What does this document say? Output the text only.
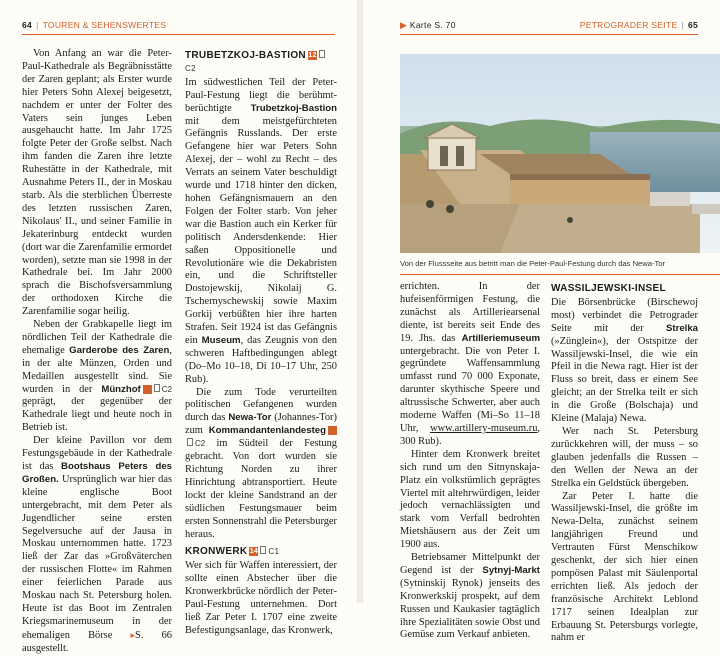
64 | TOUREN & SEHENSWERTES

Von Anfang an war die Peter-Paul-Kathedrale als Begräbnisstätte der Zaren geplant; als Erster wurde hier Peters Sohn Alexej beigesetzt, nachdem er unter der Folter des Vaters sein junges Leben ausgehaucht hatte. Im Jahr 1725 folgte Peter der Große selbst. Nach ihm fanden die Zaren ihre letzte Ruhestätte in der Kathedrale, mit Ausnahme Peters II., der in Moskau starb. Als die sterblichen Überreste des letzten russischen Zaren, Nikolaus' II., und seiner Familie in Jekaterinburg entdeckt wurden (dort war die Zarenfamilie ermordet worden), setzte man sie 1998 in der Kathedrale bei. Im Jahr 2000 sprach die Bischofsversammlung der orthodoxen Kirche die Zarenfamilie sogar heilig.

Neben der Grabkapelle liegt im nördlichen Teil der Kathedrale die ehemalige Garderobe des Zaren, in der alte Münzen, Orden und Medaillen ausgestellt sind. Sie wurden in der Münzhof 11C2 geprägt, der gegenüber der Kathedrale liegt und heute noch in Betrieb ist.

Der kleine Pavillon vor dem Festungsgebäude in der Kathedrale ist das Bootshaus Peters des Großen. Ursprünglich war hier das kleine englische Boot untergebracht, mit dem Peter als Jugendlicher seine ersten Segelversuche auf der Jausa in Moskau unternommen hatte. 1723 ließ der Zar das »Großväterchen der russischen Flotte« im Rahmen einer feierlichen Parade aus Moskau nach St. Petersburg holen. Heute ist das Boot im Zentralen Kriegsmarinemuseum in der ehemaligen Börse ▸S. 66 ausgestellt.

TRUBETZKOJ-BASTION 12C2

Im südwestlichen Teil der Peter-Paul-Festung liegt die berühmt-berüchtigte Trubetzkoj-Bastion mit dem meistgefürchteten Gefängnis Russlands. Der erste Gefangene hier war Peters Sohn Alexej, der – wohl zu Recht – des Verrats an seinem Vater beschuldigt wurde und 1718 hinter den dicken, hohen Gefängnismauern an den Folgen der Folter starb. Von jeher war die Bastion auch ein Kerker für politisch Andersdenkende: Hier saßen Oppositionelle und Revolutionäre wie die Dekabristen ein, und die Schriftsteller Dostojewskij, Nikolaij G. Tschernyschewskij sowie Maxim Gorkij verbüßten hier ihre harten Strafen. Seit 1924 ist das Gefängnis ein Museum, das Zeugnis von den schweren Haftbedingungen ablegt (Do–Mo 10–18, Di 10–17 Uhr, 250 Rub).

Die zum Tode verurteilten politischen Gefangenen wurden durch das Newa-Tor (Johannes-Tor) zum Kommandantenlandesteg 13C2 im Südteil der Festung gebracht. Von dort wurden sie Richtung Norden zu ihrer Hinrichtung abtransportiert. Heute lockt der kleine Sandstrand an der südlichen Festungsmauer beim ersten Sonnenstrahl die Petersburger heraus.

KRONWERK 14 C1

Wer sich für Waffen interessiert, der sollte einen Abstecher über die Kronwerkbrücke nördlich der Peter-Paul-Festung unternehmen. Dort ließ Zar Peter I. 1707 eine zweite Befestigungsanlage, das Kronwerk,

▶ Karte S. 70	PETROGRADER SEITE | 65
Von der Flussseite aus betritt man die Peter-Paul-Festung durch das Newa-Tor

errichten. In der hufeisenförmigen Festung, die zunächst als Artilleriearsenal diente, ist bereits seit Ende des 19. Jhs. das Artilleriemuseum untergebracht. Die von Peter I. gegründete Waffensammlung umfasst rund 70 000 Exponate, darunter skythische Speere und altrussische Schwerter, aber auch moderne Waffen (Mi–So 11–18 Uhr, www.artillery-museum.ru, 300 Rub).

Hinter dem Kronwerk breitet sich rund um den Sitnynskaja-Platz ein volkstümlich geprägtes Viertel mit altehrwürdigen, leider jedoch vernachlässigten und stark vom Verfall bedrohten Mietshäusern aus der Zeit um 1900 aus.

Betriebsamer Mittelpunkt der Gegend ist der Sytnyj-Markt (Sytninskij Rynok) jenseits des Kronwerkskij prospekt, auf dem Russen und Kaukasier tagtäglich ihre Spezialitäten sowie Obst und Gemüse zum Verkauf anbieten.

WASSILJEWSKI-INSEL

Die Börsenbrücke (Birschewoj most) verbindet die Petrograder Seite mit der Strelka (»Zünglein«), der Ostspitze der Wassiljewski-Insel, die wie ein Pfeil in die Newa ragt. Hier ist der Fluss so breit, dass er einem See gleicht; an der Strelka teilt er sich in die Große (Bolschaja) und Kleine (Malaja) Newa.

Wer nach St. Petersburg zurückkehren will, der muss – so glauben jedenfalls die Russen – den Wellen der Newa an der Strelka ein Geldstück übergeben.

Zar Peter I. hatte die Wassiljewski-Insel, die größte im Newa-Delta, zunächst seinem langjährigen Freund und Vertrauten Fürst Menschikow geschenkt, der sich hier einen pompösen Palast mit Säulenportal errichten ließ. Als jedoch der französische Architekt Leblond 1717 seinen Idealplan zur Erbauung St. Petersburgs vorlegte, nahm er
